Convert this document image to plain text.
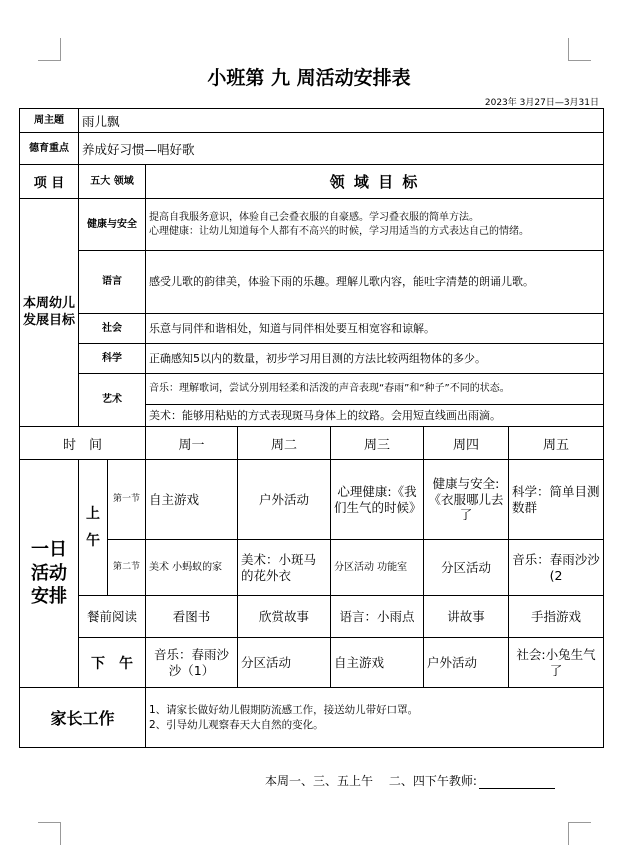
小班第 九 周活动安排表
2023年 3月27日—3月31日
周主题	雨儿飘						
德育重点	养成好习惯—唱好歌						
项 目	五大 领域		领 域 目 标				
本周幼儿发展目标	健康与安全		提高自我服务意识，体验自己会叠衣服的自豪感。学习叠衣服的简单方法。
心理健康：让幼儿知道每个人都有不高兴的时候，学习用适当的方式表达自己的情绪。				

	语言		感受儿歌的韵律美，体验下雨的乐趣。理解儿歌内容，能吐字清楚的朗诵儿歌。				
	社会		乐意与同伴和谐相处，知道与同伴相处要互相宽容和谅解。				
	科学		正确感知5以内的数量，初步学习用目测的方法比较两组物体的多少。				
	艺术		音乐：理解歌词，尝试分别用轻柔和活泼的声音表现“春雨”和“种子”不同的状态。				
			美术：能够用粘贴的方式表现斑马身体上的纹路。会用短直线画出雨滴。				
时　间			周一	周二	周三	周四	周五
一日活动安排	上
午	第一节	自主游戏	户外活动	心理健康:《我们生气的时候》	健康与安全:《衣服哪儿去了	科学：简单目测数群
		第二节	美术 小蚂蚁的家	美术：小斑马的花外衣	分区活动 功能室	分区活动	音乐：春雨沙沙(2
	餐前阅读		看图书	欣赏故事	语言：小雨点	讲故事	手指游戏
	下　午		音乐：春雨沙沙（1）	分区活动	自主游戏	户外活动	社会:小兔生气了
家长工作			1、请家长做好幼儿假期防流感工作，接送幼儿带好口罩。
2、引导幼儿观察春天大自然的变化。				
本周一、三、五上午　 二、四下午教师:
